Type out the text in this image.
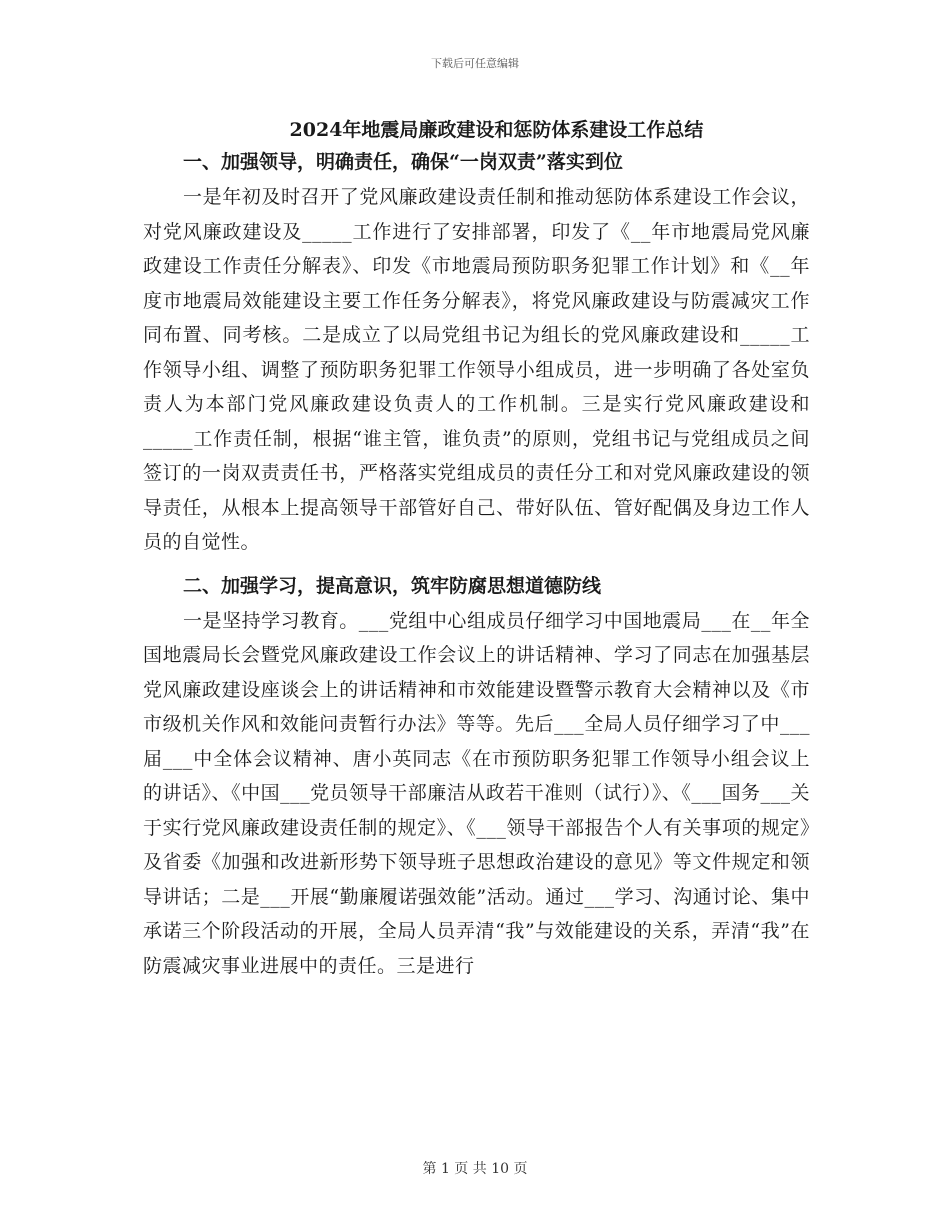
下载后可任意编辑
2024年地震局廉政建设和惩防体系建设工作总结
一、加强领导，明确责任，确保“一岗双责”落实到位

一是年初及时召开了党风廉政建设责任制和推动惩防体系建设工作会议，对党风廉政建设及_____工作进行了安排部署，印发了《__年市地震局党风廉政建设工作责任分解表》、印发《市地震局预防职务犯罪工作计划》和《__年度市地震局效能建设主要工作任务分解表》，将党风廉政建设与防震减灾工作同布置、同考核。二是成立了以局党组书记为组长的党风廉政建设和_____工作领导小组、调整了预防职务犯罪工作领导小组成员，进一步明确了各处室负责人为本部门党风廉政建设负责人的工作机制。三是实行党风廉政建设和_____工作责任制，根据“谁主管，谁负责”的原则，党组书记与党组成员之间签订的一岗双责责任书，严格落实党组成员的责任分工和对党风廉政建设的领导责任，从根本上提高领导干部管好自己、带好队伍、管好配偶及身边工作人员的自觉性。

二、加强学习，提高意识，筑牢防腐思想道德防线

一是坚持学习教育。___党组中心组成员仔细学习中国地震局___在__年全国地震局长会暨党风廉政建设工作会议上的讲话精神、学习了同志在加强基层党风廉政建设座谈会上的讲话精神和市效能建设暨警示教育大会精神以及《市市级机关作风和效能问责暂行办法》等等。先后___全局人员仔细学习了中___届___中全体会议精神、唐小英同志《在市预防职务犯罪工作领导小组会议上的讲话》、《中国___党员领导干部廉洁从政若干准则（试行）》、《___国务___关于实行党风廉政建设责任制的规定》、《___领导干部报告个人有关事项的规定》及省委《加强和改进新形势下领导班子思想政治建设的意见》等文件规定和领导讲话；二是___开展“勤廉履诺强效能”活动。通过___学习、沟通讨论、集中承诺三个阶段活动的开展，全局人员弄清“我”与效能建设的关系，弄清“我”在防震减灾事业进展中的责任。三是进行

第 1 页 共 10 页
